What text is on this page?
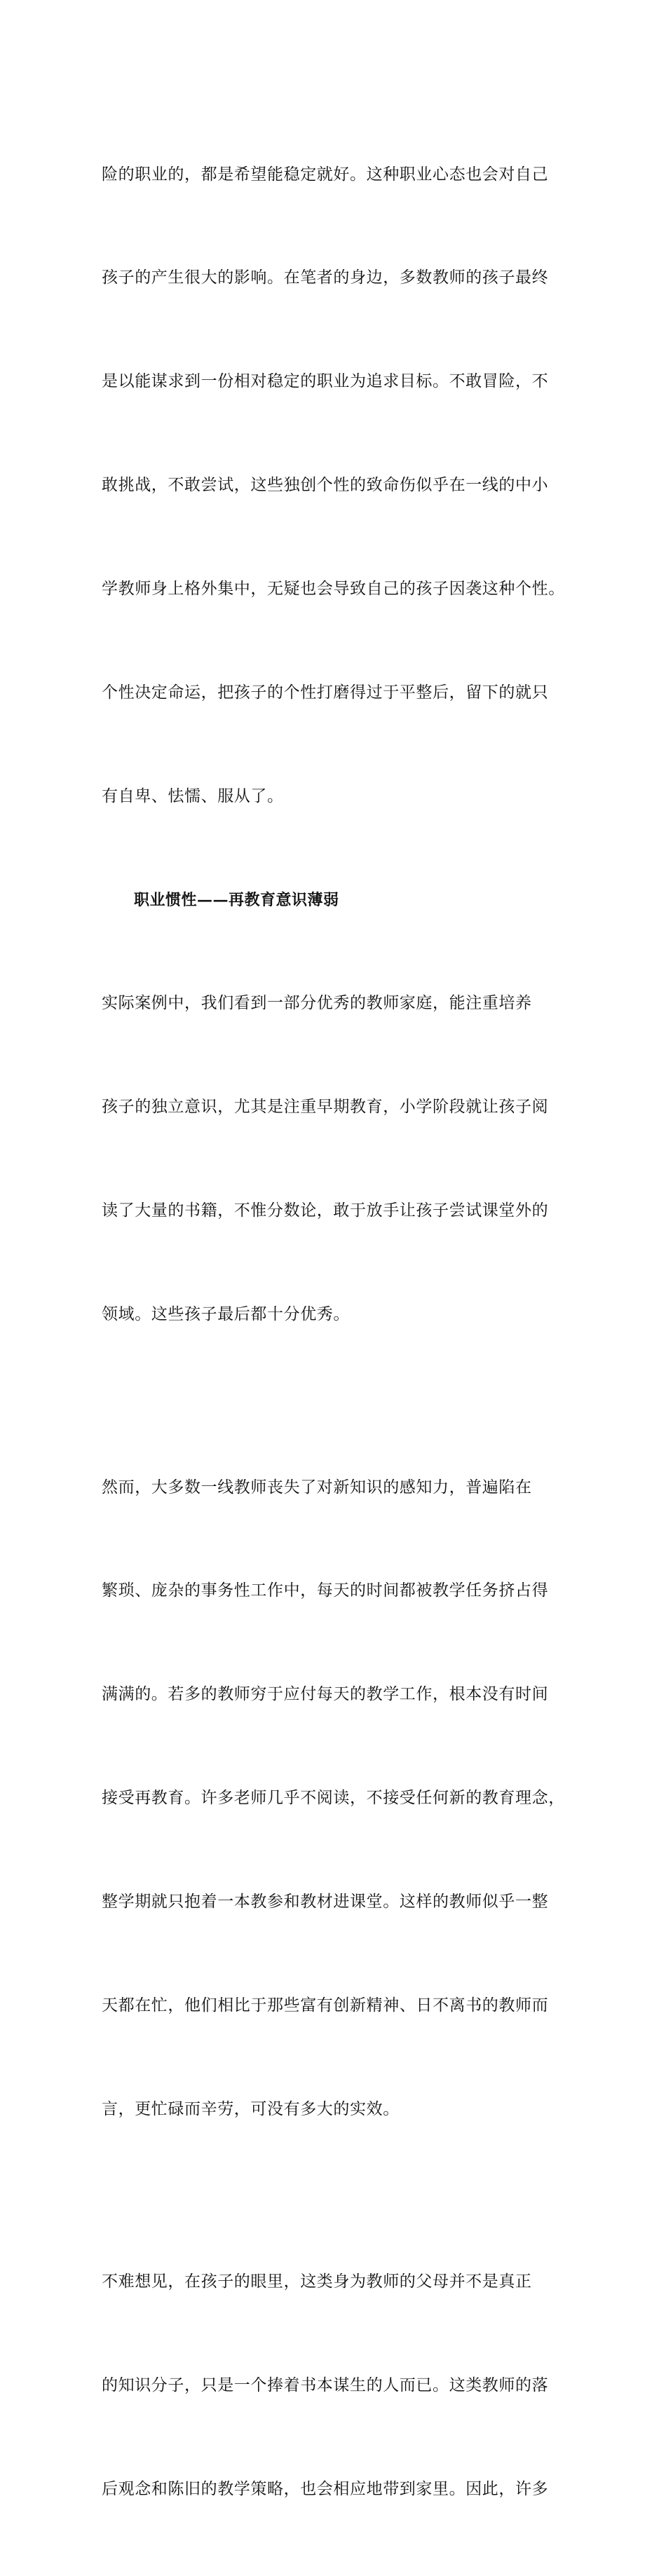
险的职业的，都是希望能稳定就好。这种职业心态也会对自己

孩子的产生很大的影响。在笔者的身边，多数教师的孩子最终

是以能谋求到一份相对稳定的职业为追求目标。不敢冒险，不

敢挑战，不敢尝试，这些独创个性的致命伤似乎在一线的中小

学教师身上格外集中，无疑也会导致自己的孩子因袭这种个性。

个性决定命运，把孩子的个性打磨得过于平整后，留下的就只

有自卑、怯懦、服从了。

职业惯性——再教育意识薄弱

实际案例中，我们看到一部分优秀的教师家庭，能注重培养

孩子的独立意识，尤其是注重早期教育，小学阶段就让孩子阅

读了大量的书籍，不惟分数论，敢于放手让孩子尝试课堂外的

领域。这些孩子最后都十分优秀。

然而，大多数一线教师丧失了对新知识的感知力，普遍陷在

繁琐、庞杂的事务性工作中，每天的时间都被教学任务挤占得

满满的。若多的教师穷于应付每天的教学工作，根本没有时间

接受再教育。许多老师几乎不阅读，不接受任何新的教育理念，

整学期就只抱着一本教参和教材进课堂。这样的教师似乎一整

天都在忙，他们相比于那些富有创新精神、日不离书的教师而

言，更忙碌而辛劳，可没有多大的实效。

不难想见，在孩子的眼里，这类身为教师的父母并不是真正

的知识分子，只是一个捧着书本谋生的人而已。这类教师的落

后观念和陈旧的教学策略，也会相应地带到家里。因此，许多
